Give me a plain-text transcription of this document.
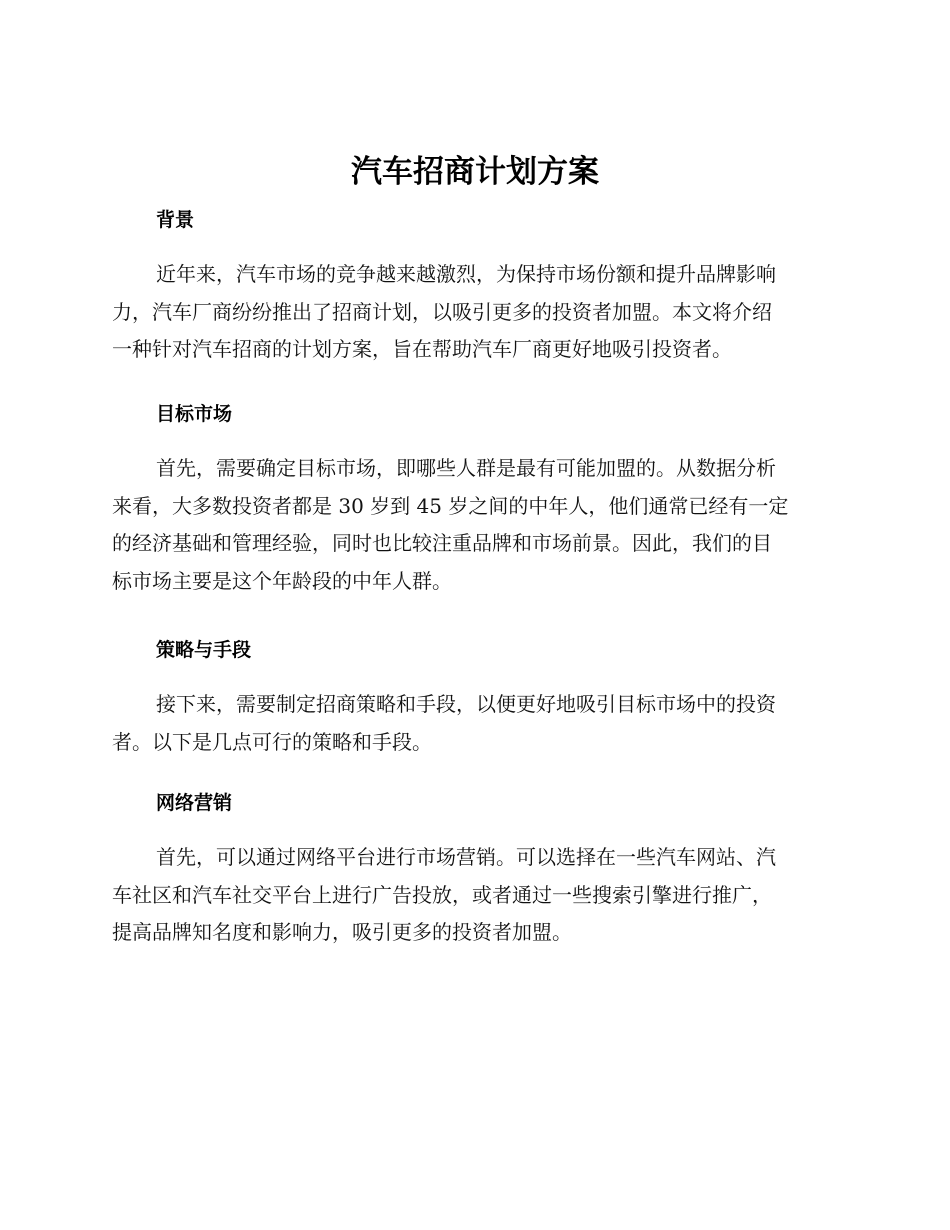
汽车招商计划方案
背景
近年来，汽车市场的竞争越来越激烈，为保持市场份额和提升品牌影响
力，汽车厂商纷纷推出了招商计划，以吸引更多的投资者加盟。本文将介绍
一种针对汽车招商的计划方案，旨在帮助汽车厂商更好地吸引投资者。
目标市场
首先，需要确定目标市场，即哪些人群是最有可能加盟的。从数据分析
来看，大多数投资者都是 30 岁到 45 岁之间的中年人，他们通常已经有一定
的经济基础和管理经验，同时也比较注重品牌和市场前景。因此，我们的目
标市场主要是这个年龄段的中年人群。
策略与手段
接下来，需要制定招商策略和手段，以便更好地吸引目标市场中的投资
者。以下是几点可行的策略和手段。
网络营销
首先，可以通过网络平台进行市场营销。可以选择在一些汽车网站、汽
车社区和汽车社交平台上进行广告投放，或者通过一些搜索引擎进行推广，
提高品牌知名度和影响力，吸引更多的投资者加盟。
